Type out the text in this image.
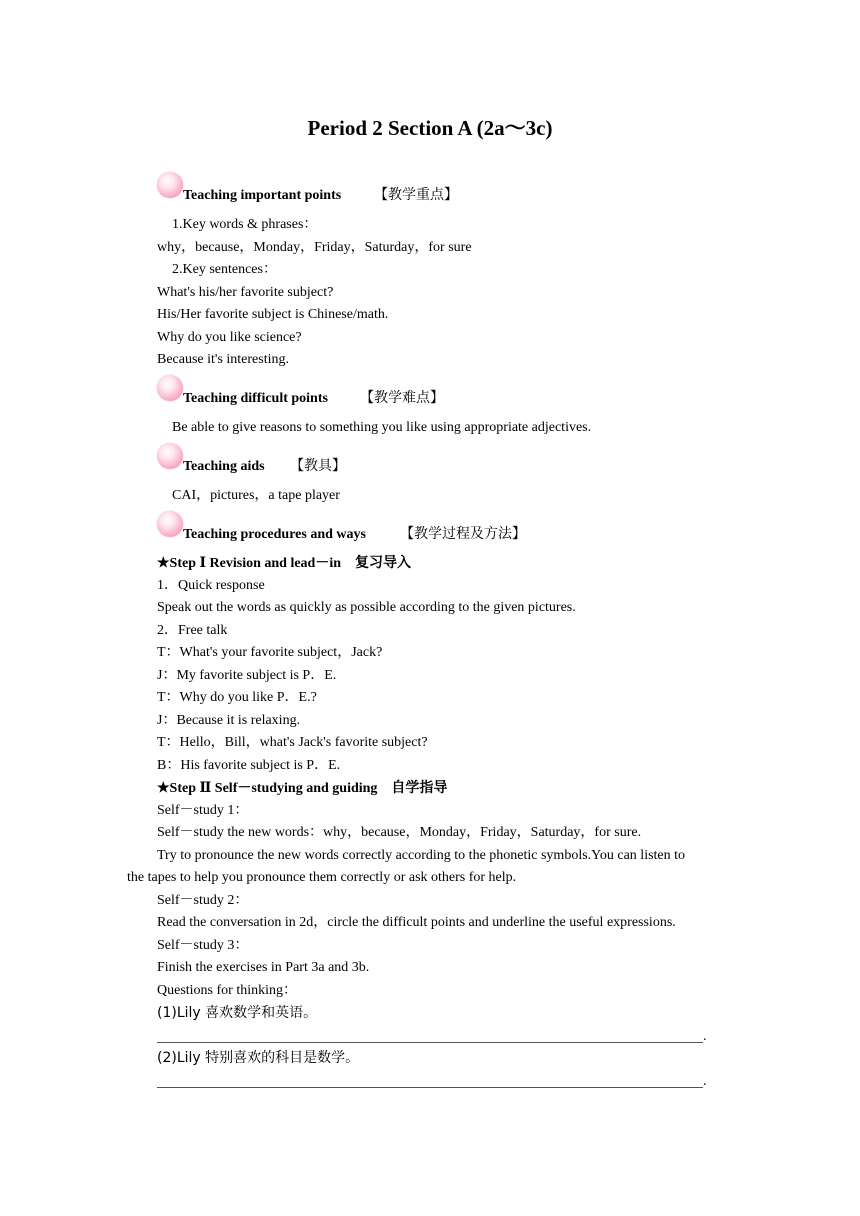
Period 2 Section A (2a～3c)
Teaching important points 【教学重点】
1.Key words & phrases：
why，because，Monday，Friday，Saturday，for sure
2.Key sentences：
What's his/her favorite subject?
His/Her favorite subject is Chinese/math.
Why do you like science?
Because it's interesting.
Teaching difficult points 【教学难点】
Be able to give reasons to something you like using appropriate adjectives.
Teaching aids 【教具】
CAI，pictures，a tape player
Teaching procedures and ways 【教学过程及方法】
★Step Ⅰ Revision and lead－in 复习导入
1．Quick response
Speak out the words as quickly as possible according to the given pictures.
2．Free talk
T：What's your favorite subject，Jack?
J：My favorite subject is P．E.
T：Why do you like P．E.?
J：Because it is relaxing.
T：Hello，Bill，what's Jack's favorite subject?
B：His favorite subject is P．E.
★Step Ⅱ Self－studying and guiding 自学指导
Self－study 1：
Self－study the new words：why，because，Monday，Friday，Saturday，for sure.
Try to pronounce the new words correctly according to the phonetic symbols.You can listen to
the tapes to help you pronounce them correctly or ask others for help.
Self－study 2：
Read the conversation in 2d，circle the difficult points and underline the useful expressions.
Self－study 3：
Finish the exercises in Part 3a and 3b.
Questions for thinking：
(1)Lily 喜欢数学和英语。
.
(2)Lily 特别喜欢的科目是数学。
.
